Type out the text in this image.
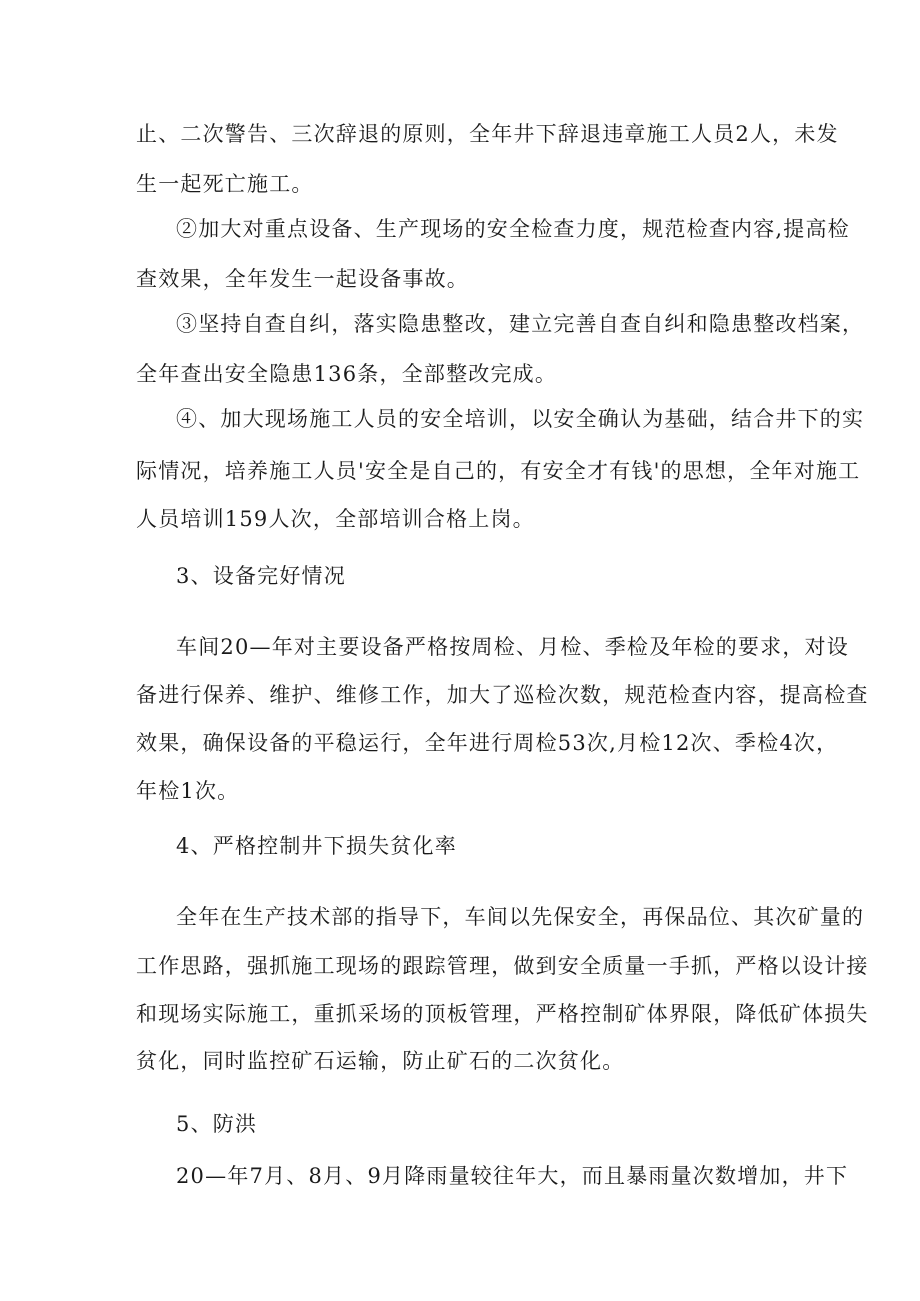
止、二次警告、三次辞退的原则，全年井下辞退违章施工人员2人，未发
生一起死亡施工。
②加大对重点设备、生产现场的安全检查力度，规范检查内容,提高检
查效果，全年发生一起设备事故。
③坚持自查自纠，落实隐患整改，建立完善自查自纠和隐患整改档案，
全年查出安全隐患136条，全部整改完成。
④、加大现场施工人员的安全培训，以安全确认为基础，结合井下的实
际情况，培养施工人员'安全是自己的，有安全才有钱'的思想，全年对施工
人员培训159人次，全部培训合格上岗。
3、设备完好情况
车间20—年对主要设备严格按周检、月检、季检及年检的要求，对设
备进行保养、维护、维修工作，加大了巡检次数，规范检查内容，提高检查
效果，确保设备的平稳运行，全年进行周检53次,月检12次、季检4次，
年检1次。
4、严格控制井下损失贫化率
全年在生产技术部的指导下，车间以先保安全，再保品位、其次矿量的
工作思路，强抓施工现场的跟踪管理，做到安全质量一手抓，严格以设计接
和现场实际施工，重抓采场的顶板管理，严格控制矿体界限，降低矿体损失
贫化，同时监控矿石运输，防止矿石的二次贫化。
5、防洪
20—年7月、8月、9月降雨量较往年大，而且暴雨量次数增加，井下
